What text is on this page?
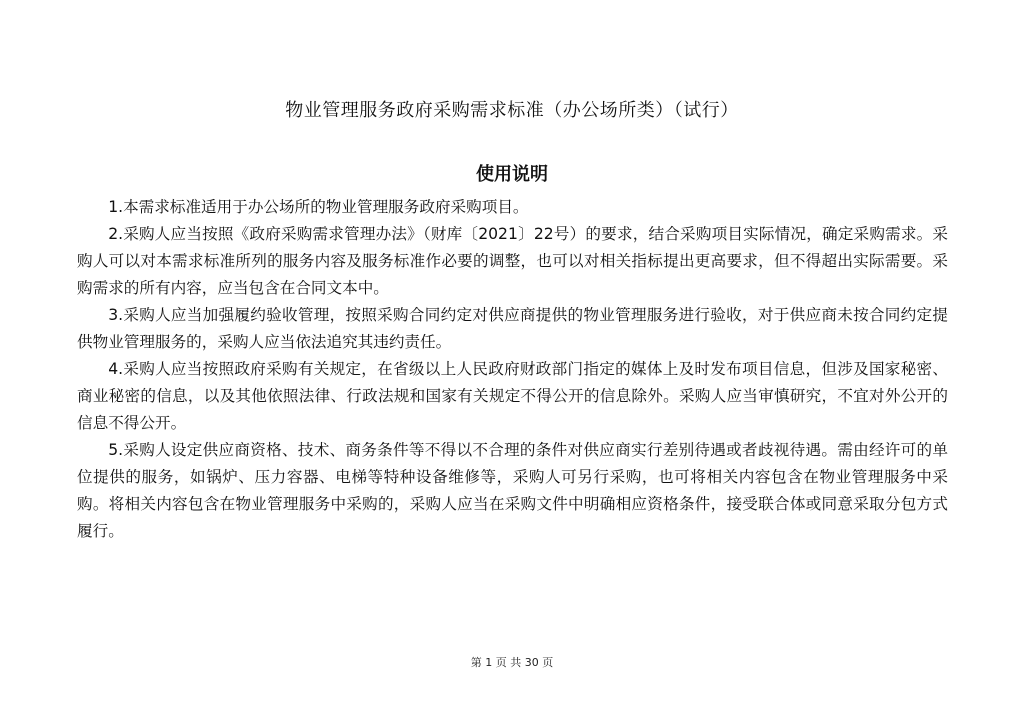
物业管理服务政府采购需求标准（办公场所类）（试行）
使用说明

1.本需求标准适用于办公场所的物业管理服务政府采购项目。

2.采购人应当按照《政府采购需求管理办法》（财库〔2021〕22号）的要求，结合采购项目实际情况，确定采购需求。采购人可以对本需求标准所列的服务内容及服务标准作必要的调整，也可以对相关指标提出更高要求，但不得超出实际需要。采购需求的所有内容，应当包含在合同文本中。

3.采购人应当加强履约验收管理，按照采购合同约定对供应商提供的物业管理服务进行验收，对于供应商未按合同约定提供物业管理服务的，采购人应当依法追究其违约责任。

4.采购人应当按照政府采购有关规定，在省级以上人民政府财政部门指定的媒体上及时发布项目信息，但涉及国家秘密、商业秘密的信息，以及其他依照法律、行政法规和国家有关规定不得公开的信息除外。采购人应当审慎研究，不宜对外公开的信息不得公开。

5.采购人设定供应商资格、技术、商务条件等不得以不合理的条件对供应商实行差别待遇或者歧视待遇。需由经许可的单位提供的服务，如锅炉、压力容器、电梯等特种设备维修等，采购人可另行采购，也可将相关内容包含在物业管理服务中采购。将相关内容包含在物业管理服务中采购的，采购人应当在采购文件中明确相应资格条件，接受联合体或同意采取分包方式履行。

第 1 页 共 30 页
